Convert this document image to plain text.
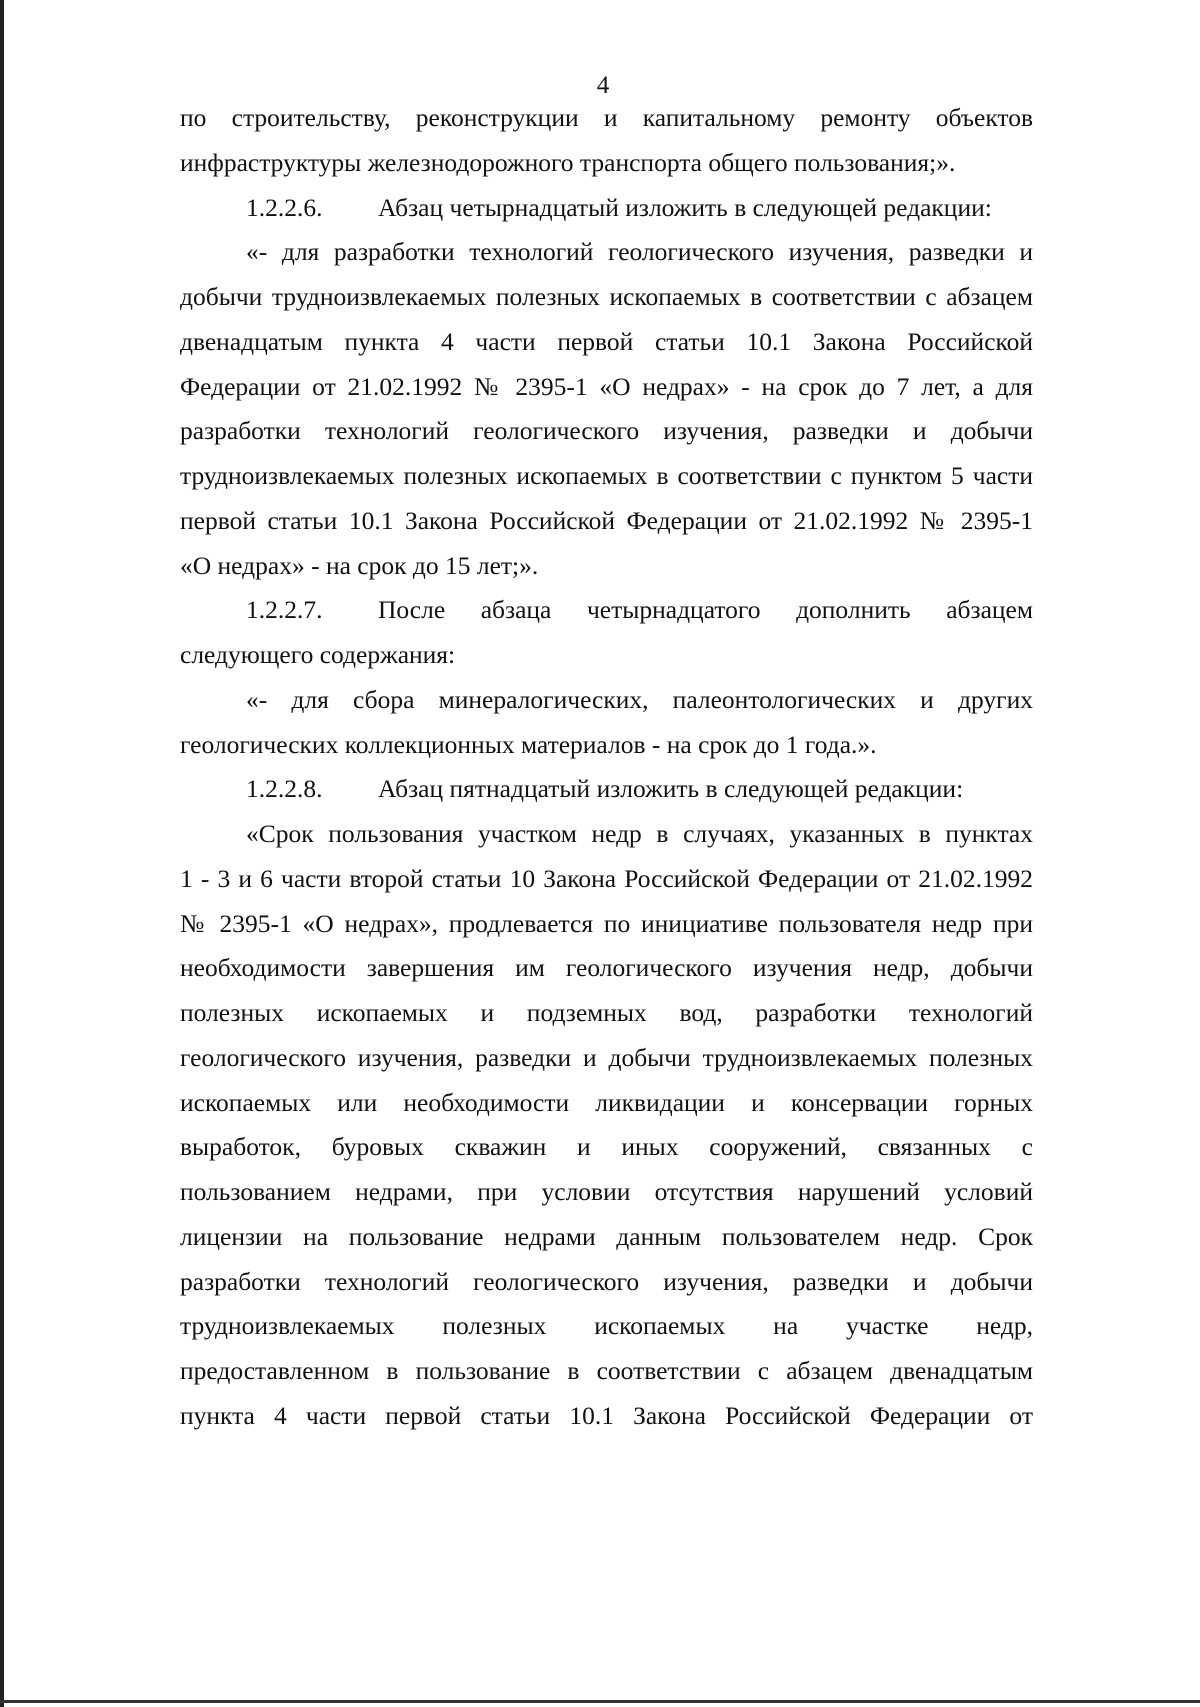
4
по строительству, реконструкции и капитальному ремонту объектов
инфраструктуры железнодорожного транспорта общего пользования;».
1.2.2.6.	Абзац четырнадцатый изложить в следующей редакции:
«- для разработки технологий геологического изучения, разведки и
добычи трудноизвлекаемых полезных ископаемых в соответствии с абзацем
двенадцатым пункта 4 части первой статьи 10.1 Закона Российской
Федерации от 21.02.1992 № 2395-1 «О недрах» - на срок до 7 лет, а для
разработки технологий геологического изучения, разведки и добычи
трудноизвлекаемых полезных ископаемых в соответствии с пунктом 5 части
первой статьи 10.1 Закона Российской Федерации от 21.02.1992 № 2395-1
«О недрах» - на срок до 15 лет;».
1.2.2.7.	После абзаца четырнадцатого дополнить абзацем
следующего содержания:
«- для сбора минералогических, палеонтологических и других
геологических коллекционных материалов - на срок до 1 года.».
1.2.2.8.	Абзац пятнадцатый изложить в следующей редакции:
«Срок пользования участком недр в случаях, указанных в пунктах
1 - 3 и 6 части второй статьи 10 Закона Российской Федерации от 21.02.1992
№ 2395-1 «О недрах», продлевается по инициативе пользователя недр при
необходимости завершения им геологического изучения недр, добычи
полезных ископаемых и подземных вод, разработки технологий
геологического изучения, разведки и добычи трудноизвлекаемых полезных
ископаемых или необходимости ликвидации и консервации горных
выработок, буровых скважин и иных сооружений, связанных с
пользованием недрами, при условии отсутствия нарушений условий
лицензии на пользование недрами данным пользователем недр. Срок
разработки технологий геологического изучения, разведки и добычи
трудноизвлекаемых полезных ископаемых на участке недр,
предоставленном в пользование в соответствии с абзацем двенадцатым
пункта 4 части первой статьи 10.1 Закона Российской Федерации от
